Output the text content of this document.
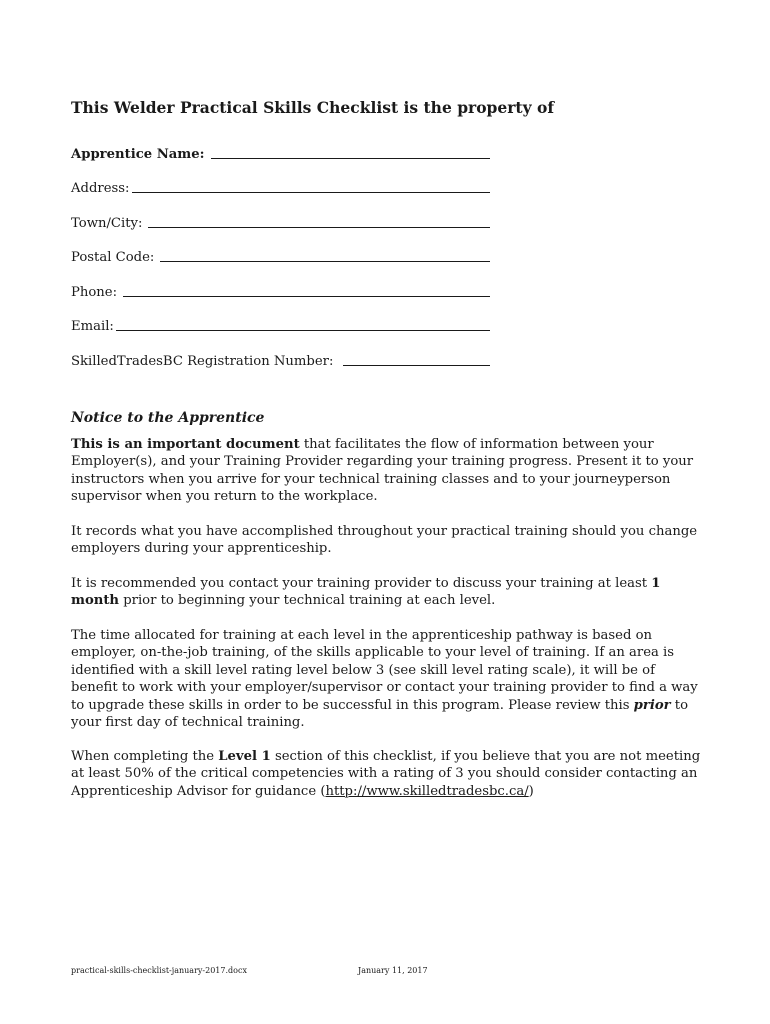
This Welder Practical Skills Checklist is the property of
Apprentice Name:
Address:
Town/City:
Postal Code:
Phone:
Email:
SkilledTradesBC Registration Number:
Notice to the Apprentice

This is an important document that facilitates the flow of information between your Employer(s), and your Training Provider regarding your training progress. Present it to your instructors when you arrive for your technical training classes and to your journeyperson supervisor when you return to the workplace.

It records what you have accomplished throughout your practical training should you change employers during your apprenticeship.

It is recommended you contact your training provider to discuss your training at least 1 month prior to beginning your technical training at each level.

The time allocated for training at each level in the apprenticeship pathway is based on employer, on-the-job training, of the skills applicable to your level of training. If an area is identified with a skill level rating level below 3 (see skill level rating scale), it will be of benefit to work with your employer/supervisor or contact your training provider to find a way to upgrade these skills in order to be successful in this program. Please review this prior to your first day of technical training.

When completing the Level 1 section of this checklist, if you believe that you are not meeting at least 50% of the critical competencies with a rating of 3 you should consider contacting an Apprenticeship Advisor for guidance (http://www.skilledtradesbc.ca/)

practical-skills-checklist-january-2017.docx	January 11, 2017
